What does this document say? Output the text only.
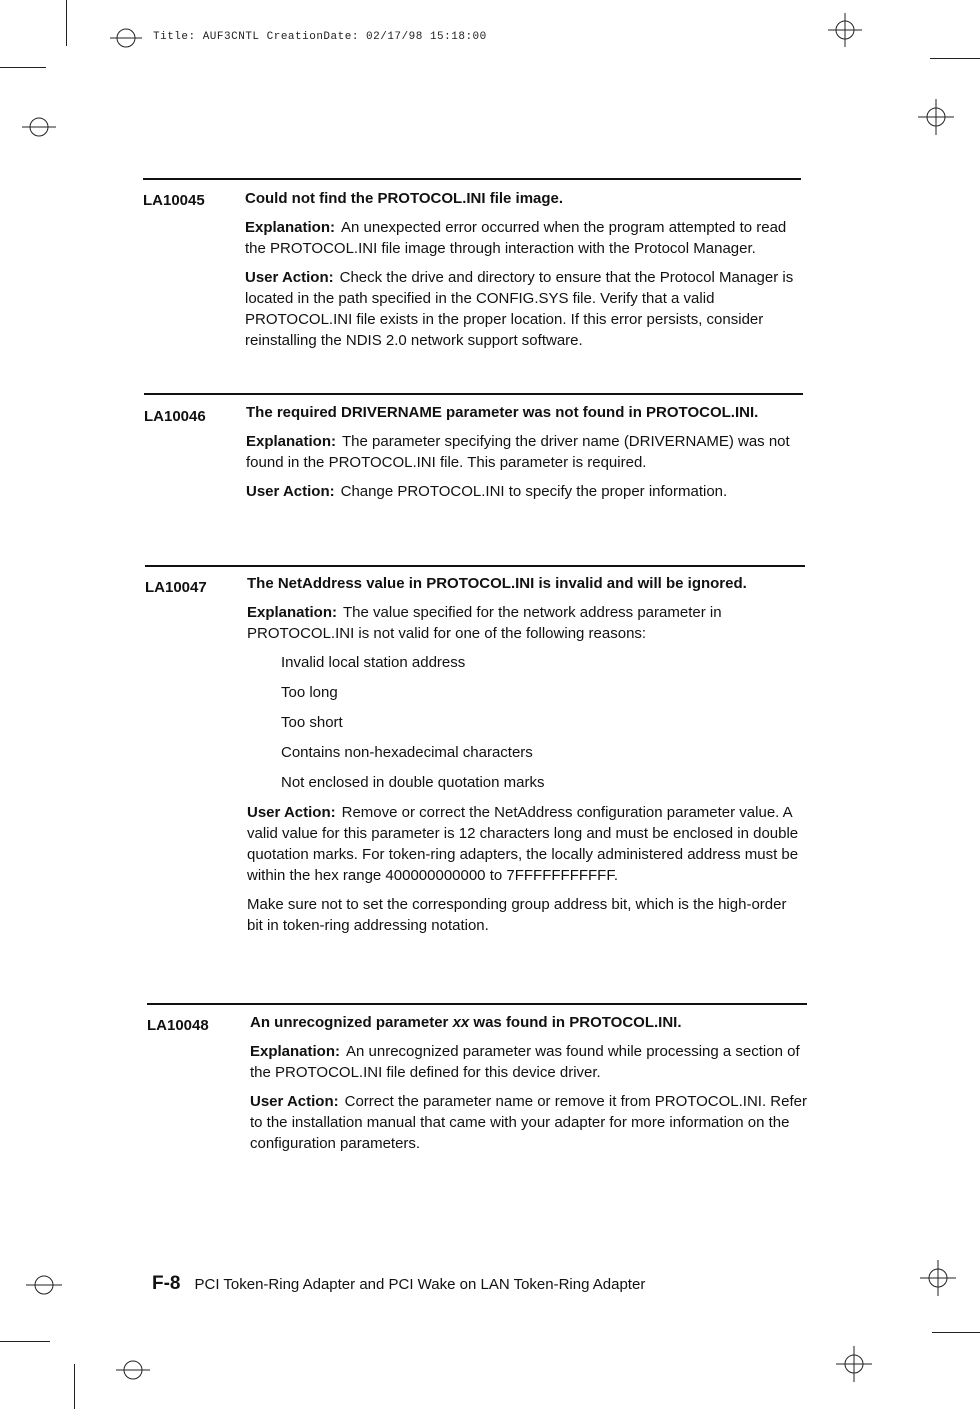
Title: AUF3CNTL CreationDate: 02/17/98 15:18:00
LA10045	Could not find the PROTOCOL.INI file image.
Explanation: An unexpected error occurred when the program attempted to read the PROTOCOL.INI file image through interaction with the Protocol Manager.
User Action: Check the drive and directory to ensure that the Protocol Manager is located in the path specified in the CONFIG.SYS file. Verify that a valid PROTOCOL.INI file exists in the proper location. If this error persists, consider reinstalling the NDIS 2.0 network support software.
LA10046	The required DRIVERNAME parameter was not found in PROTOCOL.INI.
Explanation: The parameter specifying the driver name (DRIVERNAME) was not found in the PROTOCOL.INI file. This parameter is required.
User Action: Change PROTOCOL.INI to specify the proper information.
LA10047	The NetAddress value in PROTOCOL.INI is invalid and will be ignored.
Explanation: The value specified for the network address parameter in PROTOCOL.INI is not valid for one of the following reasons:
Invalid local station address
Too long
Too short
Contains non-hexadecimal characters
Not enclosed in double quotation marks
User Action: Remove or correct the NetAddress configuration parameter value. A valid value for this parameter is 12 characters long and must be enclosed in double quotation marks. For token-ring adapters, the locally administered address must be within the hex range 400000000000 to 7FFFFFFFFFFF.
Make sure not to set the corresponding group address bit, which is the high-order bit in token-ring addressing notation.
LA10048	An unrecognized parameter xx was found in PROTOCOL.INI.
Explanation: An unrecognized parameter was found while processing a section of the PROTOCOL.INI file defined for this device driver.
User Action: Correct the parameter name or remove it from PROTOCOL.INI. Refer to the installation manual that came with your adapter for more information on the configuration parameters.
F-8 PCI Token-Ring Adapter and PCI Wake on LAN Token-Ring Adapter
